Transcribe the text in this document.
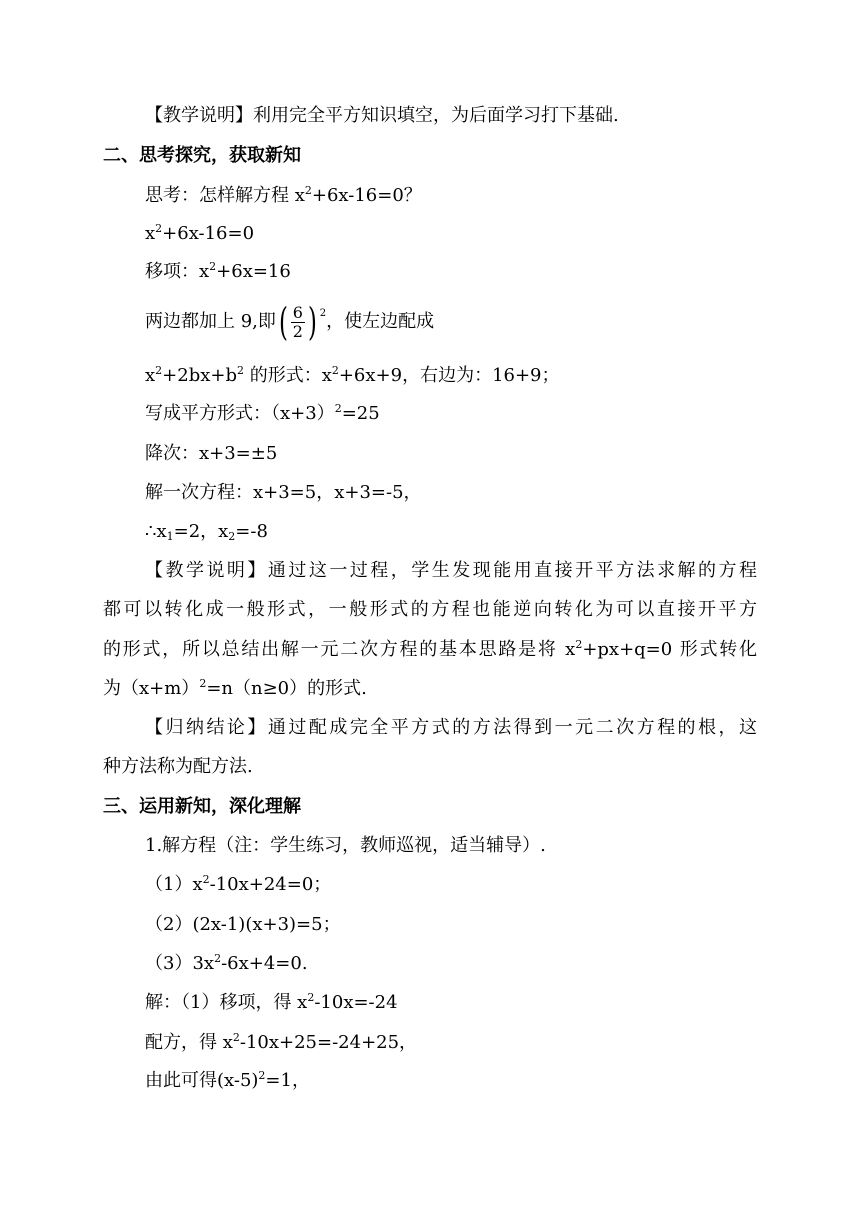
【教学说明】利用完全平方知识填空，为后面学习打下基础.
二、思考探究，获取新知
思考：怎样解方程 $x^2+6x-16=0$？
$x^2+6x-16=0$
移项：$x^2+6x=16$
两边都加上 9,即 ( $\frac{6}{2}$ ) 2 ，使左边配成
$x^2+2bx+b^2$ 的形式：$x^2+6x+9$，右边为：16+9；
写成平方形式：$(x+3)^2=25$
降次：x+3=±5
解一次方程：x+3=5，x+3=-5，
$\therefore x_1=2$，$x_2=-8$
【教学说明】通过这一过程，学生发现能用直接开平方法求解的方程
都可以转化成一般形式，一般形式的方程也能逆向转化为可以直接开平方
的形式，所以总结出解一元二次方程的基本思路是将 $x^2+px+q=0$ 形式转化
为$(x+m)^2=n(n\ge 0)$的形式.
【归纳结论】通过配成完全平方式的方法得到一元二次方程的根，这
种方法称为配方法.
三、运用新知，深化理解
1.解方程（注：学生练习，教师巡视，适当辅导）.
$(1)x^2-10x+24=0$；
（2）(2x-1)(x+3)=5；
$(3)3x^2-6x+4=0$.
解：（1）移项，得 $x^2-10x=-24$
配方，得 $x^2-10x+25=-24+25$，
由此可得$(x-5)^2=1$，
